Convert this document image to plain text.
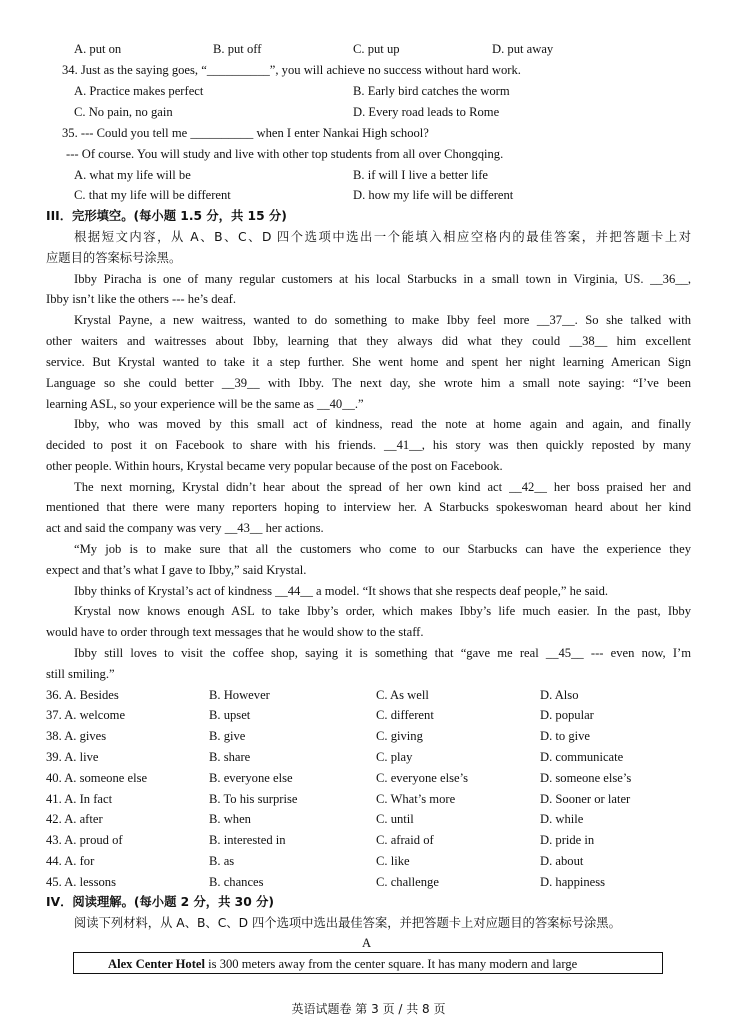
A. put on	B. put off	C. put up	D. put away
34. Just as the saying goes, “__________”, you will achieve no success without hard work.
A. Practice makes perfect	B. Early bird catches the worm
C. No pain, no gain	D. Every road leads to Rome
35. --- Could you tell me __________ when I enter Nankai High school?
--- Of course. You will study and live with other top students from all over Chongqing.
A. what my life will be	B. if will I live a better life
C. that my life will be different	D. how my life will be different
III．完形填空。(每小题 1.5 分，共 15 分)
根据短文内容，从 A、B、C、D 四个选项中选出一个能填入相应空格内的最佳答案，并把答题卡上对
应题目的答案标号涂黑。
Ibby Piracha is one of many regular customers at his local Starbucks in a small town in Virginia, US. __36__,
Ibby isn’t like the others --- he’s deaf.
Krystal Payne, a new waitress, wanted to do something to make Ibby feel more __37__. So she talked with
other waiters and waitresses about Ibby, learning that they always did what they could __38__ him excellent
service. But Krystal wanted to take it a step further. She went home and spent her night learning American Sign
Language so she could better __39__ with Ibby. The next day, she wrote him a small note saying: “I’ve been
learning ASL, so your experience will be the same as __40__.”
Ibby, who was moved by this small act of kindness, read the note at home again and again, and finally
decided to post it on Facebook to share with his friends. __41__, his story was then quickly reposted by many
other people. Within hours, Krystal became very popular because of the post on Facebook.
The next morning, Krystal didn’t hear about the spread of her own kind act __42__ her boss praised her and
mentioned that there were many reporters hoping to interview her. A Starbucks spokeswoman heard about her kind
act and said the company was very __43__ her actions.
“My job is to make sure that all the customers who come to our Starbucks can have the experience they
expect and that’s what I gave to Ibby,” said Krystal.
Ibby thinks of Krystal’s act of kindness __44__ a model. “It shows that she respects deaf people,” he said.
Krystal now knows enough ASL to take Ibby’s order, which makes Ibby’s life much easier. In the past, Ibby
would have to order through text messages that he would show to the staff.
Ibby still loves to visit the coffee shop, saying it is something that “gave me real __45__ --- even now, I’m
still smiling.”
36. A. Besides	B. However	C. As well	D. Also
37. A. welcome	B. upset	C. different	D. popular
38. A. gives	B. give	C. giving	D. to give
39. A. live	B. share	C. play	D. communicate
40. A. someone else	B. everyone else	C. everyone else’s	D. someone else’s
41. A. In fact	B. To his surprise	C. What’s more	D. Sooner or later
42. A. after	B. when	C. until	D. while
43. A. proud of	B. interested in	C. afraid of	D. pride in
44. A. for	B. as	C. like	D. about
45. A. lessons	B. chances	C. challenge	D. happiness
IV．阅读理解。(每小题 2 分，共 30 分)
阅读下列材料，从 A、B、C、D 四个选项中选出最佳答案，并把答题卡上对应题目的答案标号涂黑。
A
Alex Center Hotel is 300 meters away from the center square. It has many modern and large
英语试题卷 第 3 页 / 共 8 页
